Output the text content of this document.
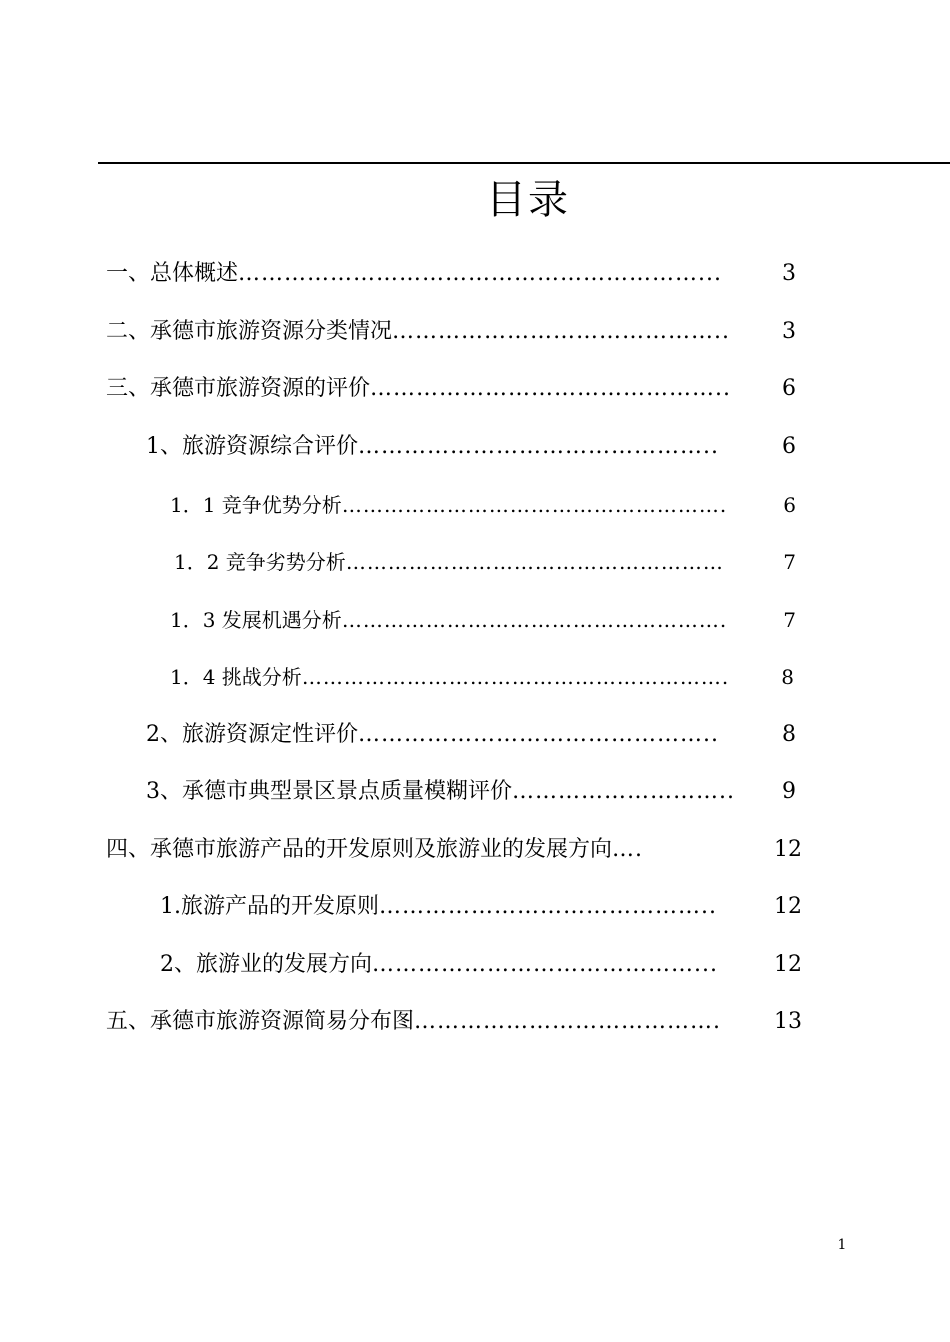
目录
一、总体概述 ……………………………………………………...	3
二、承德市旅游资源分类情况 ……………………………………..	3
三、承德市旅游资源的评价 ………………………………………..	6
1、旅游资源综合评价 ………………………………………..	6
1．1 竞争优势分析 ……………………………………………….	6
1．2 竞争劣势分析 ………………………………………………	7
1．3 发展机遇分析 ……………………………………………….	7
1．4 挑战分析 …………………………………………………….	8
2、旅游资源定性评价 ………………………………………..	8
3、承德市典型景区景点质量模糊评价 ………………………..	9
四、承德市旅游产品的开发原则及旅游业的发展方向 ….	12
1.旅游产品的开发原则 ……………………………………..	12
2、旅游业的发展方向 ……………………………………...	12
五、承德市旅游资源简易分布图 ………………………………….	13
1
